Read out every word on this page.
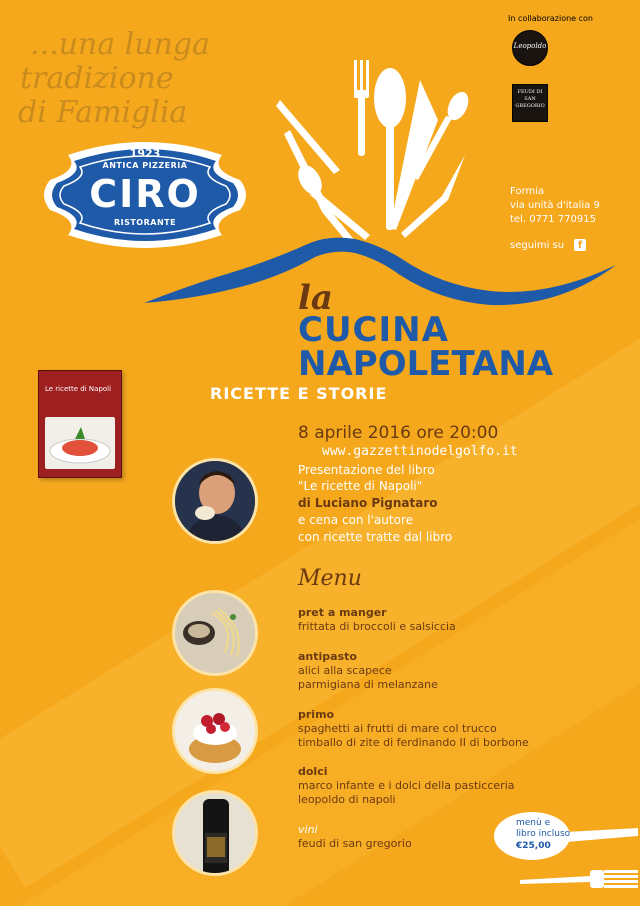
...una lunga
tradizione
di Famiglia
1923
ANTICA PIZZERIA
CIRO
RISTORANTE
In collaborazione con
Leopoldo
FEUDI DI SAN GREGORIO
Formia
via unità d'italia 9
tel. 0771 770915
seguimi su	f
la
CUCINA
NAPOLETANA
RICETTE E STORIE
Le ricette di Napoli
8 aprile 2016 ore 20:00
www.gazzettinodelgolfo.it
Presentazione del libro
"Le ricette di Napoli"
di Luciano Pignataro
e cena con l'autore
con ricette tratte dal libro
Menu
pret a manger
frittata di broccoli e salsiccia
antipasto
alici alla scapece
parmigiana di melanzane
primo
spaghetti ai frutti di mare col trucco
timballo di zite di ferdinando II di borbone
dolci
marco infante e i dolci della pasticceria
leopoldo di napoli
vini
feudi di san gregorio
menù e
libro incluso
€25,00
